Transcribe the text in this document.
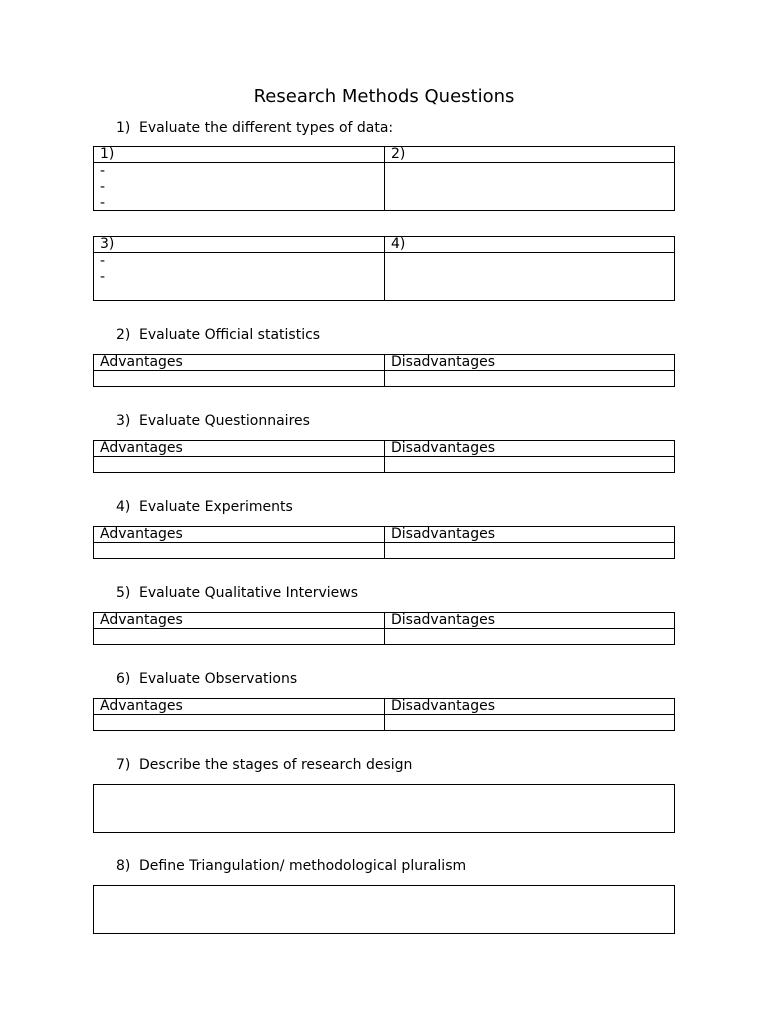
Research Methods Questions
1) Evaluate the different types of data:
1)	2)
-
-
-
3)	4)
-
-
2) Evaluate Official statistics
Advantages	Disadvantages
3) Evaluate Questionnaires
Advantages	Disadvantages
4) Evaluate Experiments
Advantages	Disadvantages
5) Evaluate Qualitative Interviews
Advantages	Disadvantages
6) Evaluate Observations
Advantages	Disadvantages
7) Describe the stages of research design
8) Define Triangulation/ methodological pluralism
